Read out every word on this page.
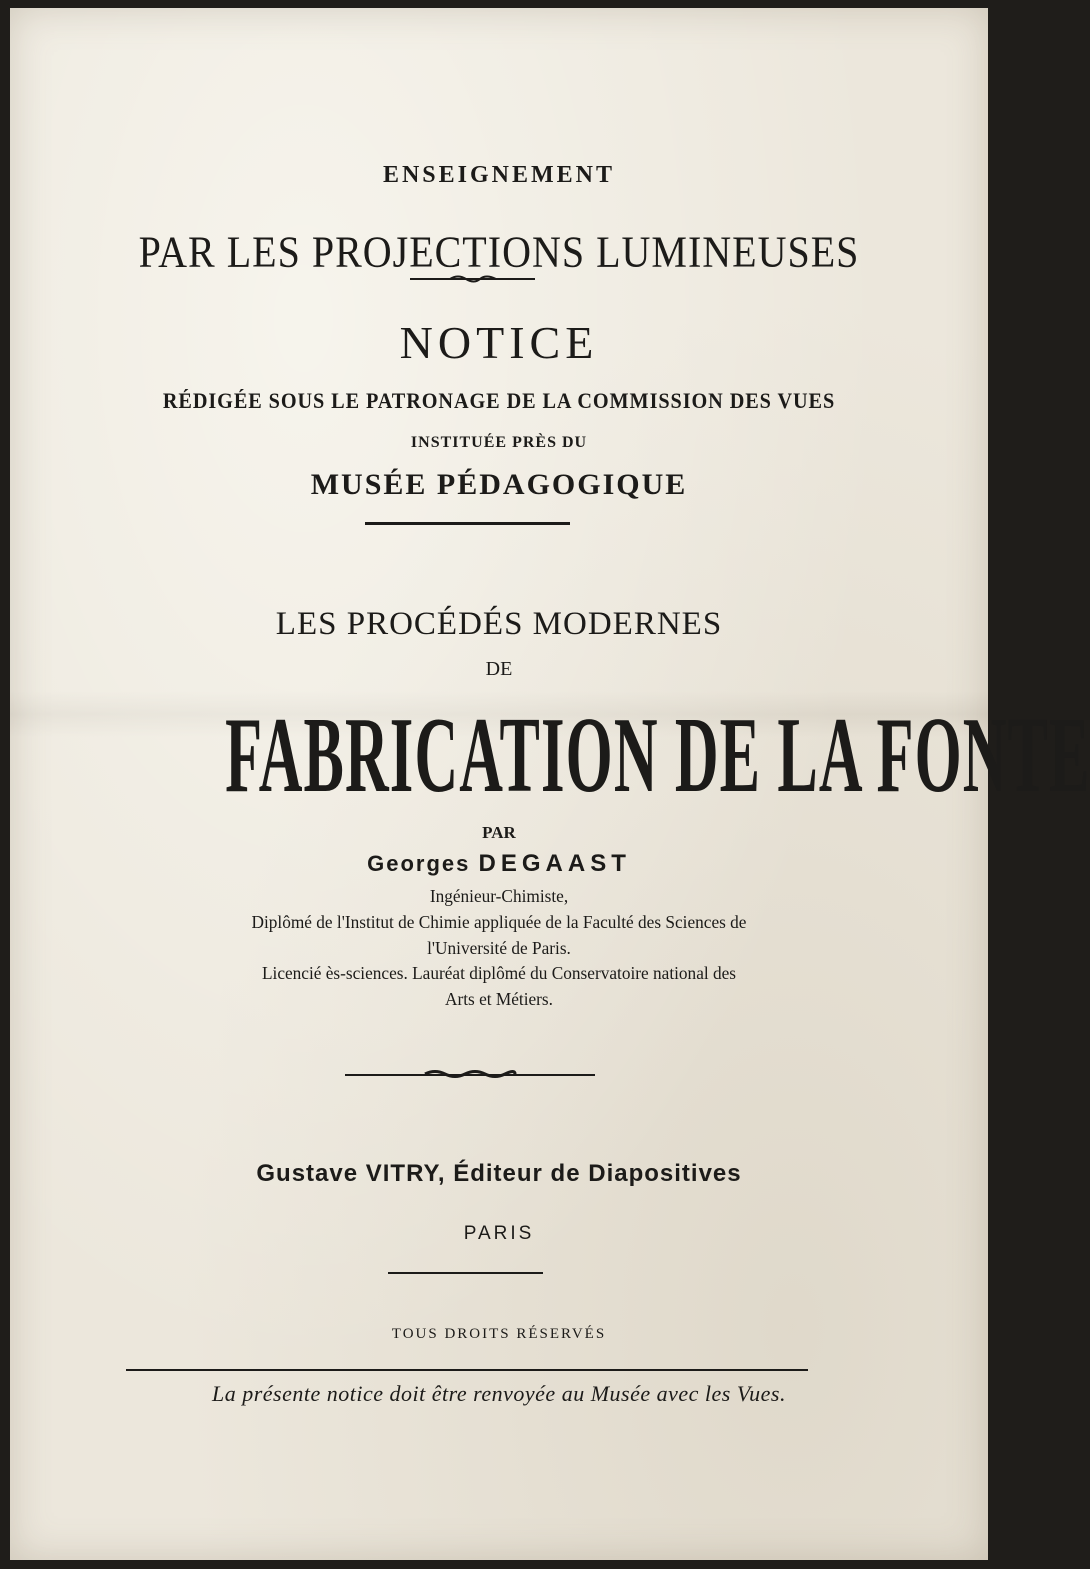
ENSEIGNEMENT
PAR LES PROJECTIONS LUMINEUSES
NOTICE
RÉDIGÉE SOUS LE PATRONAGE DE LA COMMISSION DES VUES
INSTITUÉE PRÈS DU
MUSÉE PÉDAGOGIQUE
LES PROCÉDÉS MODERNES
DE
FABRICATION DE LA FONTE
PAR
Georges DEGAAST
Ingénieur-Chimiste,
Diplômé de l'Institut de Chimie appliquée de la Faculté des Sciences de
l'Université de Paris.
Licencié ès-sciences. Lauréat diplômé du Conservatoire national des
Arts et Métiers.
Gustave VITRY, Éditeur de Diapositives
PARIS
TOUS DROITS RÉSERVÉS
La présente notice doit être renvoyée au Musée avec les Vues.
